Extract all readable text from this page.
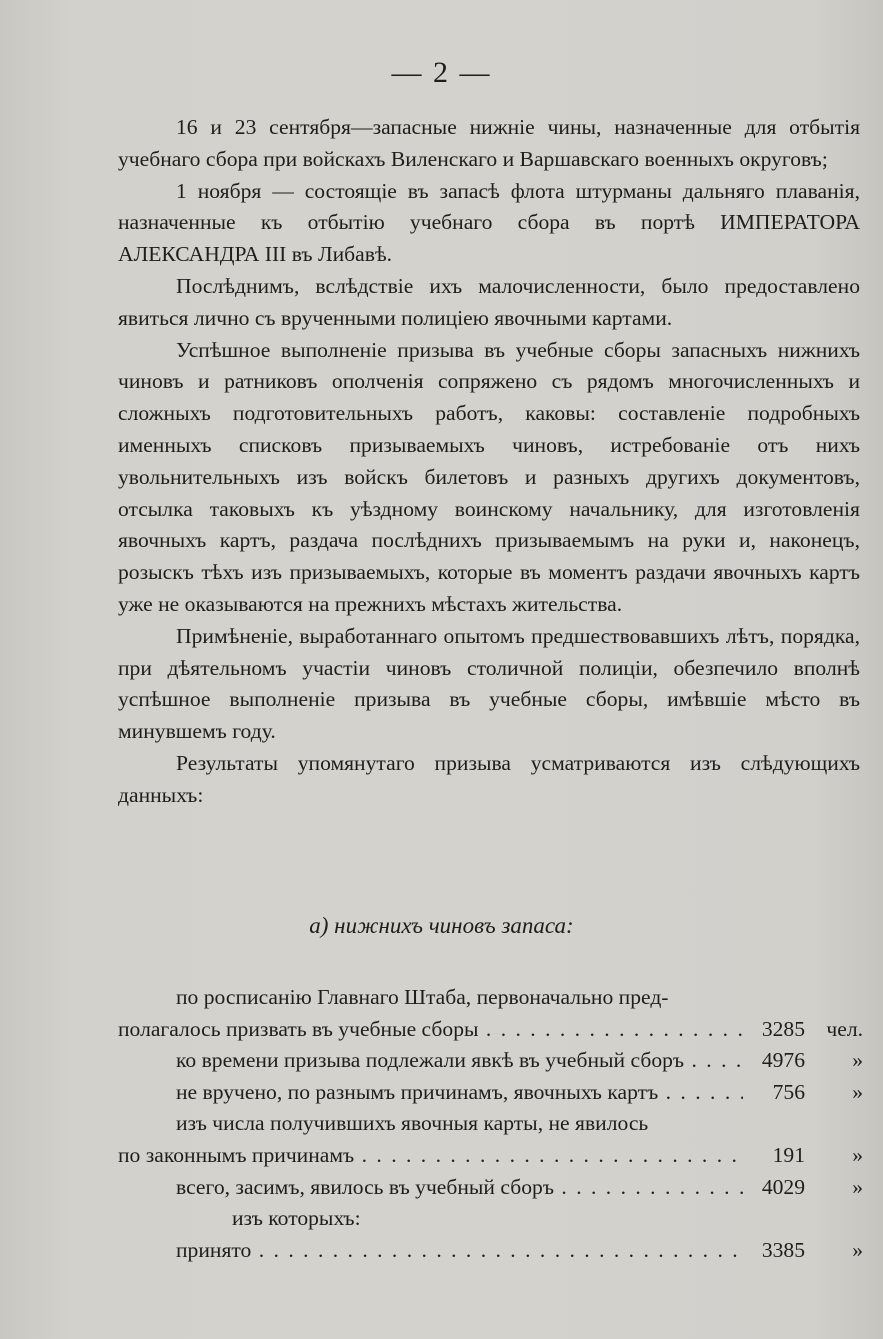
— 2 —

16 и 23 сентября—запасные нижніе чины, назначенные для отбытія учебнаго сбора при войскахъ Виленскаго и Варшавскаго военныхъ округовъ;

1 ноября — состоящіе въ запасѣ флота штурманы дальняго плаванія, назначенные къ отбытію учебнаго сбора въ портѣ ИМПЕРАТОРА АЛЕКСАНДРА III въ Либавѣ.

Послѣднимъ, вслѣдствіе ихъ малочисленности, было предоставлено явиться лично съ врученными полиціею явочными картами.

Успѣшное выполненіе призыва въ учебные сборы запасныхъ нижнихъ чиновъ и ратниковъ ополченія сопряжено съ рядомъ многочисленныхъ и сложныхъ подготовительныхъ работъ, каковы: составленіе подробныхъ именныхъ списковъ призываемыхъ чиновъ, истребованіе отъ нихъ увольнительныхъ изъ войскъ билетовъ и разныхъ другихъ документовъ, отсылка таковыхъ къ уѣздному воинскому начальнику, для изготовленія явочныхъ картъ, раздача послѣднихъ призываемымъ на руки и, наконецъ, розыскъ тѣхъ изъ призываемыхъ, которые въ моментъ раздачи явочныхъ картъ уже не оказываются на прежнихъ мѣстахъ жительства.

Примѣненіе, выработаннаго опытомъ предшествовавшихъ лѣтъ, порядка, при дѣятельномъ участіи чиновъ столичной полиціи, обезпечило вполнѣ успѣшное выполненіе призыва въ учебные сборы, имѣвшіе мѣсто въ минувшемъ году.

Результаты упомянутаго призыва усматриваются изъ слѣдующихъ данныхъ:

а) нижнихъ чиновъ запаса:
по росписанію Главнаго Штаба, первоначально пред-
полагалось призвать въ учебные сборы . . .	3285 чел.
ко времени призыва подлежали явкѣ въ учебный сборъ . . .	4976	»
не вручено, по разнымъ причинамъ, явочныхъ картъ . . .	756	»
изъ числа получившихъ явочныя карты, не явилось
по законнымъ причинамъ . . .	191	»
всего, засимъ, явилось въ учебный сборъ . . .	4029	»
изъ которыхъ:
принято . . .	3385	»
